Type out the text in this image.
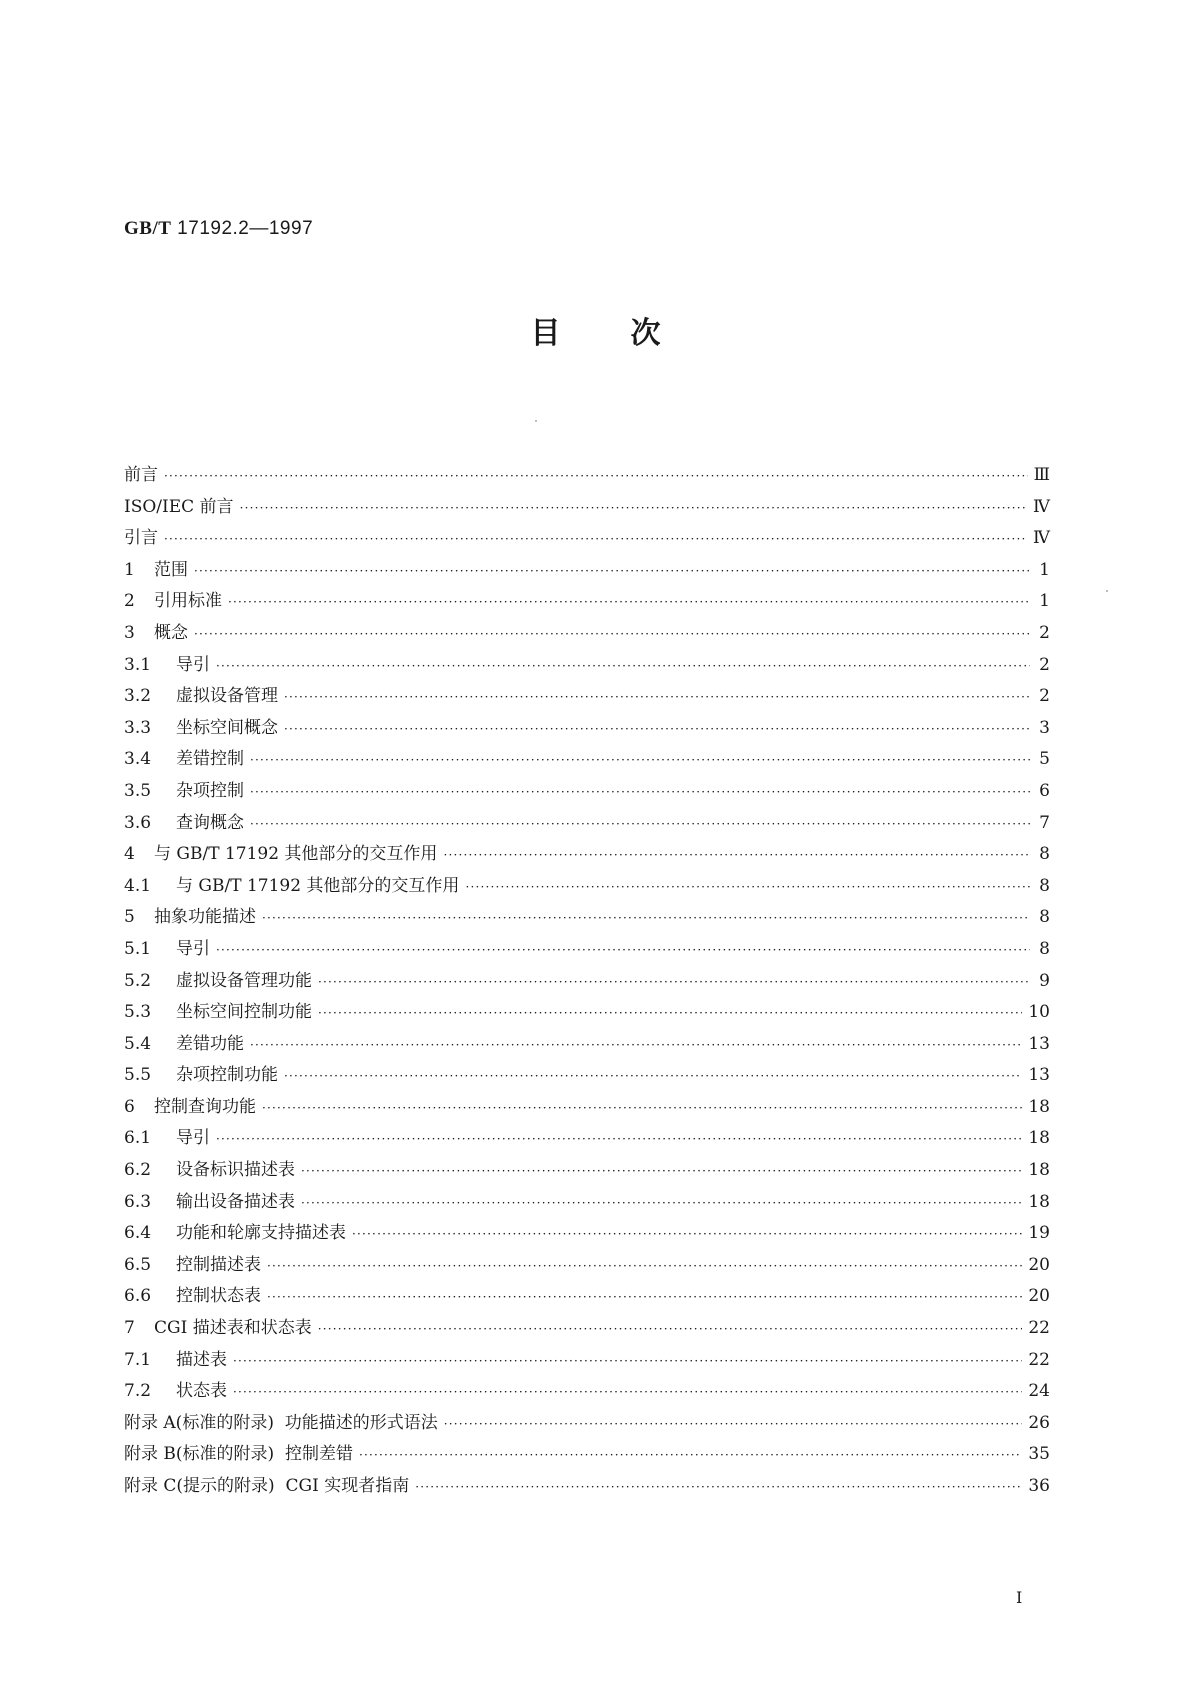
GB/T 17192.2—1997
目次
前言 ·····	Ⅲ
ISO/IEC 前言 ·····	Ⅳ
引言 ·····	Ⅳ
1	范围 ·····	1
2	引用标准 ·····	1
3	概念 ·····	2
3.1	导引 ·····	2
3.2	虚拟设备管理 ·····	2
3.3	坐标空间概念 ·····	3
3.4	差错控制 ·····	5
3.5	杂项控制 ·····	6
3.6	查询概念 ·····	7
4	与 GB/T 17192 其他部分的交互作用 ·····	8
4.1	与 GB/T 17192 其他部分的交互作用 ·····	8
5	抽象功能描述 ·····	8
5.1	导引 ·····	8
5.2	虚拟设备管理功能 ·····	9
5.3	坐标空间控制功能 ·····	10
5.4	差错功能 ·····	13
5.5	杂项控制功能 ·····	13
6	控制查询功能 ·····	18
6.1	导引 ·····	18
6.2	设备标识描述表 ·····	18
6.3	输出设备描述表 ·····	18
6.4	功能和轮廓支持描述表 ·····	19
6.5	控制描述表 ·····	20
6.6	控制状态表 ·····	20
7	CGI 描述表和状态表 ·····	22
7.1	描述表 ·····	22
7.2	状态表 ·····	24
附录 A(标准的附录)  功能描述的形式语法 ·····	26
附录 B(标准的附录)  控制差错 ·····	35
附录 C(提示的附录)  CGI 实现者指南 ·····	36
I
